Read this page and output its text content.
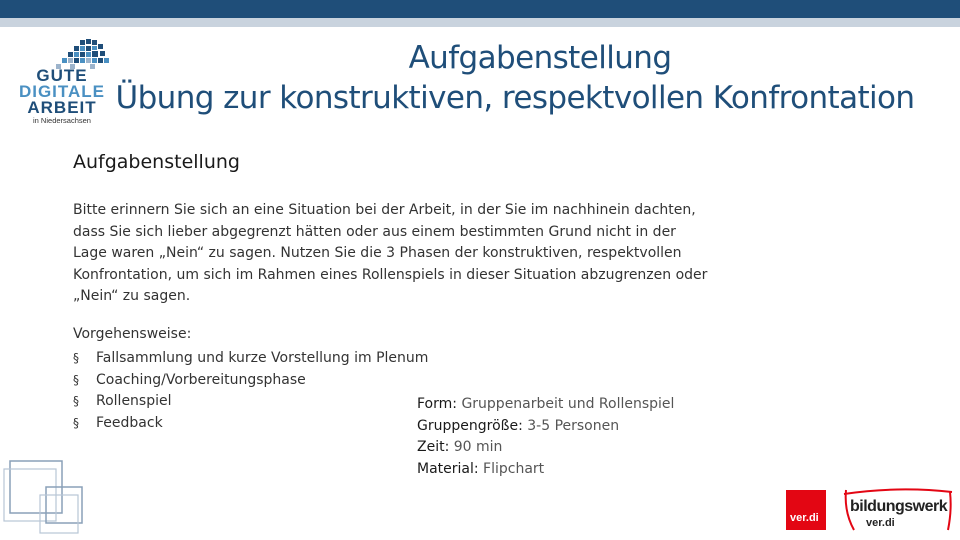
GUTE
DIGITALE
ARBEIT
in Niedersachsen
Aufgabenstellung
Übung zur konstruktiven, respektvollen Konfrontation
Aufgabenstellung
Bitte erinnern Sie sich an eine Situation bei der Arbeit, in der Sie im nachhinein dachten, dass Sie sich lieber abgegrenzt hätten oder aus einem bestimmten Grund nicht in der Lage waren „Nein“ zu sagen. Nutzen Sie die 3 Phasen der konstruktiven, respektvollen Konfrontation, um sich im Rahmen eines Rollenspiels in dieser Situation abzugrenzen oder „Nein“ zu sagen.
Vorgehensweise:
§ Fallsammlung und kurze Vorstellung im Plenum
§ Coaching/Vorbereitungsphase
§ Rollenspiel
§ Feedback
Form: Gruppenarbeit und Rollenspiel
Gruppengröße: 3-5 Personen
Zeit: 90 min
Material: Flipchart
ver.di
bildungswerk
ver.di
